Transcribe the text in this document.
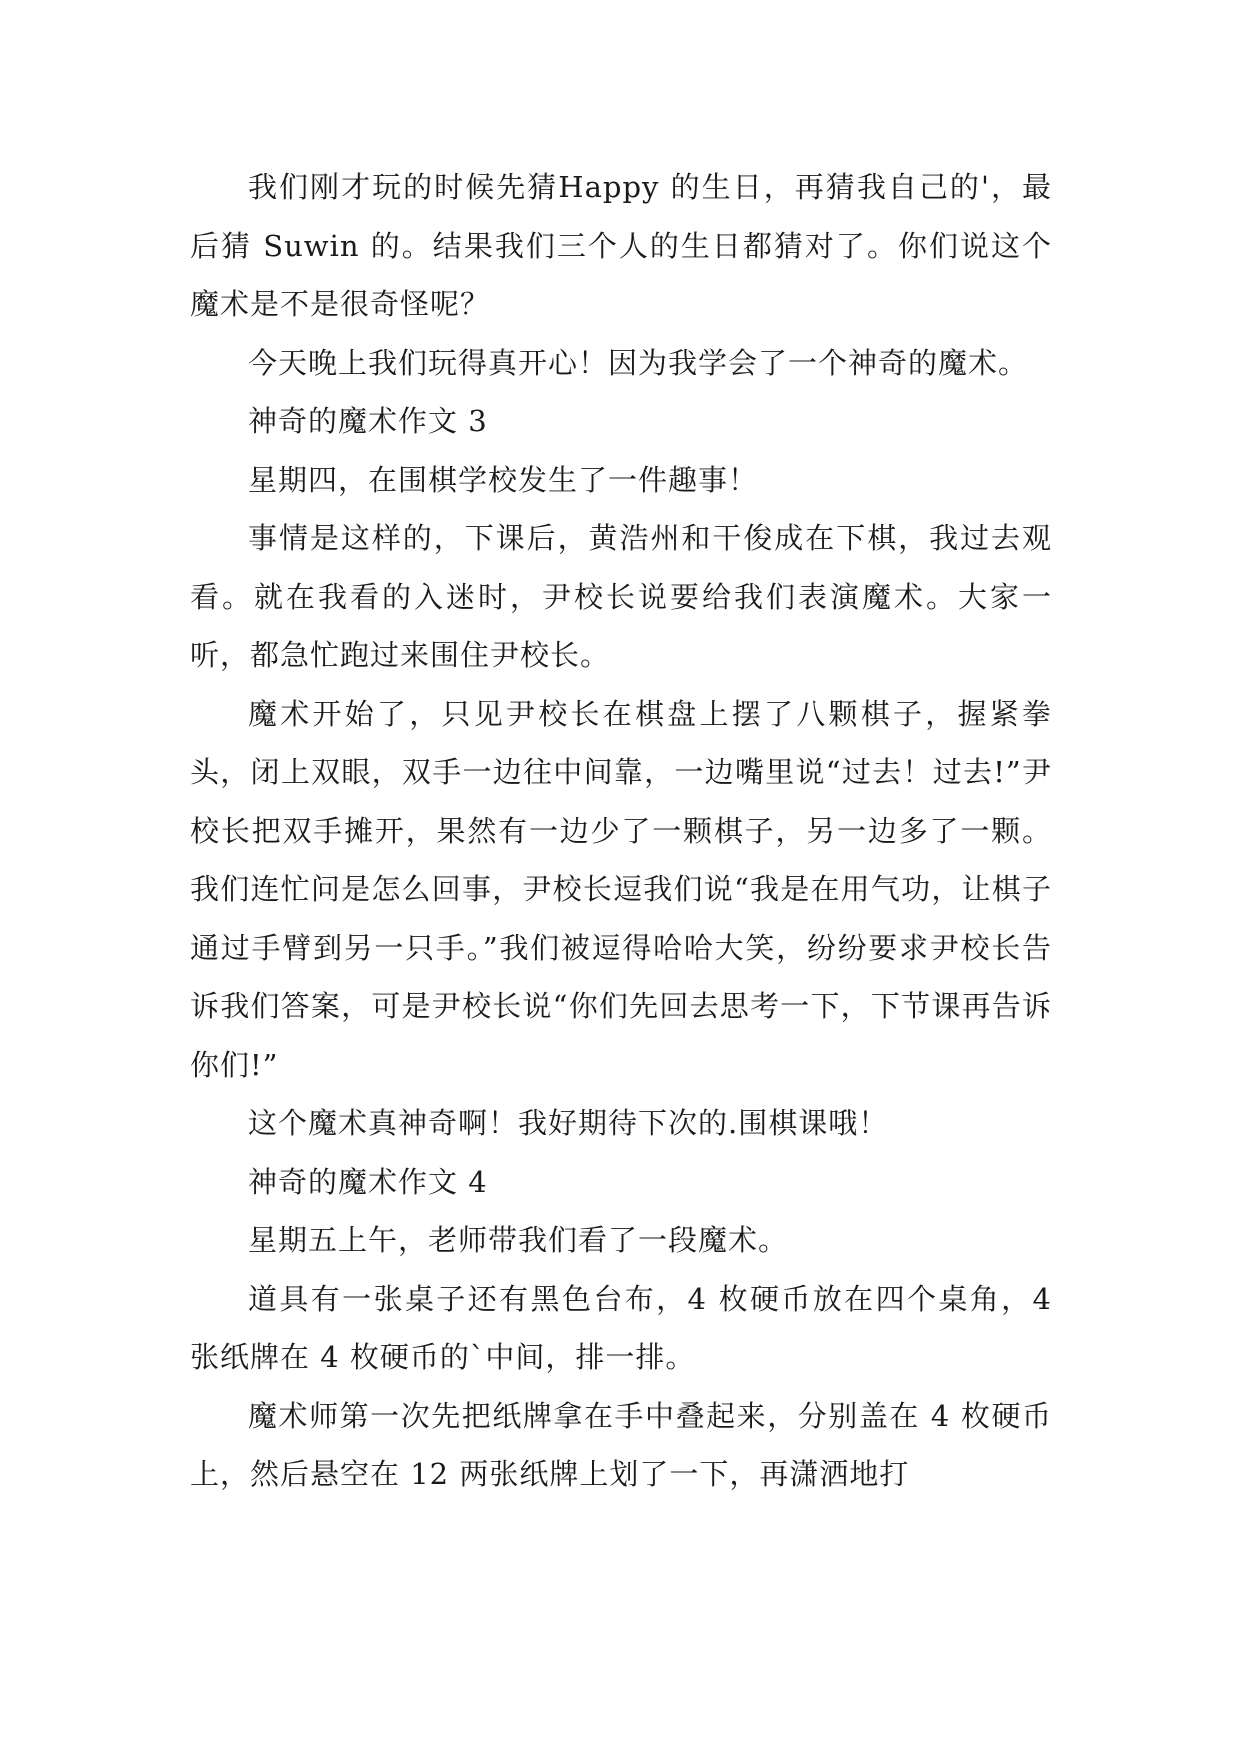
我们刚才玩的时候先猜Happy 的生日，再猜我自己的'，最后猜 Suwin 的。结果我们三个人的生日都猜对了。你们说这个魔术是不是很奇怪呢？

今天晚上我们玩得真开心！因为我学会了一个神奇的魔术。

神奇的魔术作文 3

星期四，在围棋学校发生了一件趣事！

事情是这样的，下课后，黄浩州和干俊成在下棋，我过去观看。就在我看的入迷时，尹校长说要给我们表演魔术。大家一听，都急忙跑过来围住尹校长。

魔术开始了，只见尹校长在棋盘上摆了八颗棋子，握紧拳头，闭上双眼，双手一边往中间靠，一边嘴里说“过去！过去!”尹校长把双手摊开，果然有一边少了一颗棋子，另一边多了一颗。我们连忙问是怎么回事，尹校长逗我们说“我是在用气功，让棋子通过手臂到另一只手。”我们被逗得哈哈大笑，纷纷要求尹校长告诉我们答案，可是尹校长说“你们先回去思考一下，下节课再告诉你们!”

这个魔术真神奇啊！我好期待下次的.围棋课哦！

神奇的魔术作文 4

星期五上午，老师带我们看了一段魔术。

道具有一张桌子还有黑色台布，4 枚硬币放在四个桌角，4 张纸牌在 4 枚硬币的`中间，排一排。

魔术师第一次先把纸牌拿在手中叠起来，分别盖在 4 枚硬币上，然后悬空在 12 两张纸牌上划了一下，再潇洒地打
